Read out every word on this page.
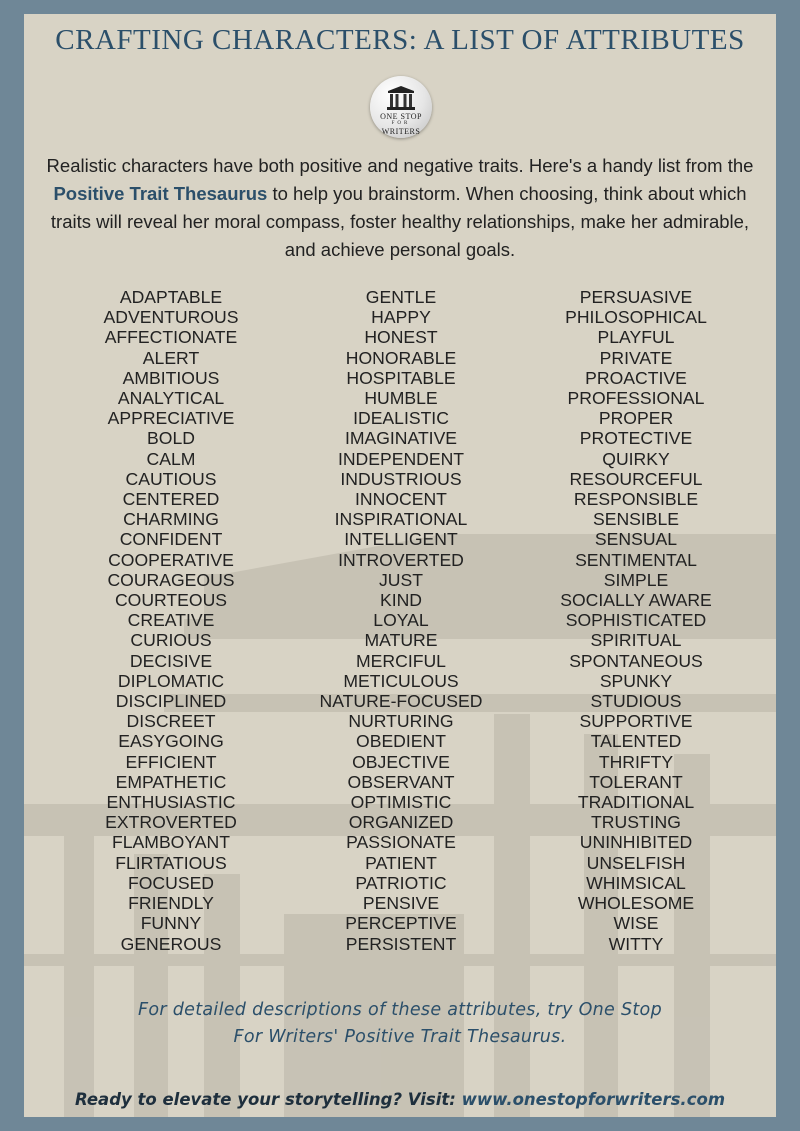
CRAFTING CHARACTERS: A LIST OF ATTRIBUTES
ONE STOP
FOR
WRITERS

Realistic characters have both positive and negative traits. Here's a handy list from the Positive Trait Thesaurus to help you brainstorm. When choosing, think about which traits will reveal her moral compass, foster healthy relationships, make her admirable, and achieve personal goals.

ADAPTABLE
ADVENTUROUS
AFFECTIONATE
ALERT
AMBITIOUS
ANALYTICAL
APPRECIATIVE
BOLD
CALM
CAUTIOUS
CENTERED
CHARMING
CONFIDENT
COOPERATIVE
COURAGEOUS
COURTEOUS
CREATIVE
CURIOUS
DECISIVE
DIPLOMATIC
DISCIPLINED
DISCREET
EASYGOING
EFFICIENT
EMPATHETIC
ENTHUSIASTIC
EXTROVERTED
FLAMBOYANT
FLIRTATIOUS
FOCUSED
FRIENDLY
FUNNY
GENEROUS
GENTLE
HAPPY
HONEST
HONORABLE
HOSPITABLE
HUMBLE
IDEALISTIC
IMAGINATIVE
INDEPENDENT
INDUSTRIOUS
INNOCENT
INSPIRATIONAL
INTELLIGENT
INTROVERTED
JUST
KIND
LOYAL
MATURE
MERCIFUL
METICULOUS
NATURE-FOCUSED
NURTURING
OBEDIENT
OBJECTIVE
OBSERVANT
OPTIMISTIC
ORGANIZED
PASSIONATE
PATIENT
PATRIOTIC
PENSIVE
PERCEPTIVE
PERSISTENT
PERSUASIVE
PHILOSOPHICAL
PLAYFUL
PRIVATE
PROACTIVE
PROFESSIONAL
PROPER
PROTECTIVE
QUIRKY
RESOURCEFUL
RESPONSIBLE
SENSIBLE
SENSUAL
SENTIMENTAL
SIMPLE
SOCIALLY AWARE
SOPHISTICATED
SPIRITUAL
SPONTANEOUS
SPUNKY
STUDIOUS
SUPPORTIVE
TALENTED
THRIFTY
TOLERANT
TRADITIONAL
TRUSTING
UNINHIBITED
UNSELFISH
WHIMSICAL
WHOLESOME
WISE
WITTY

For detailed descriptions of these attributes, try One Stop
For Writers' Positive Trait Thesaurus.

Ready to elevate your storytelling? Visit: www.onestopforwriters.com
